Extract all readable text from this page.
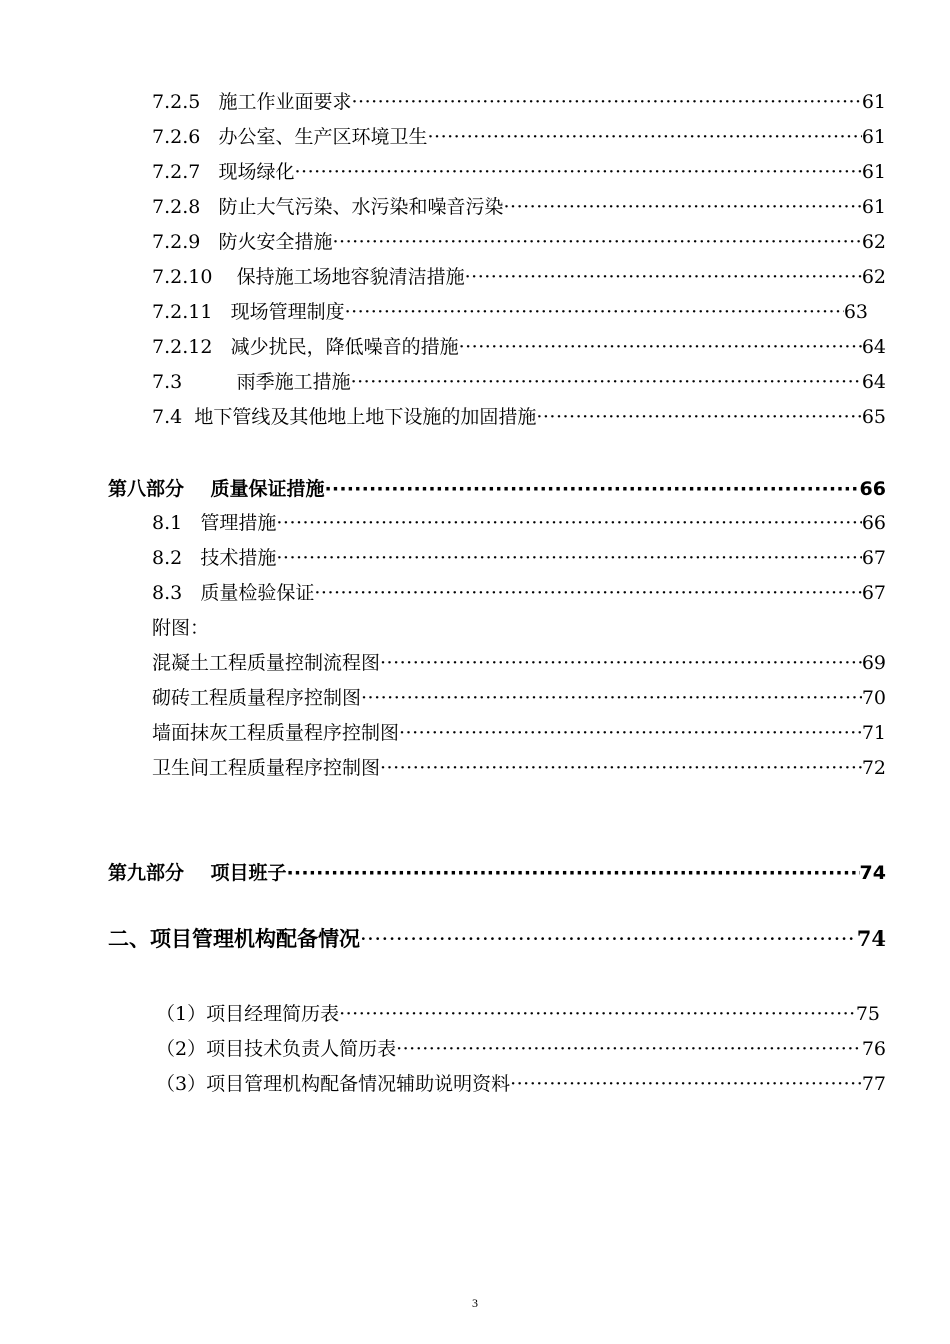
7.2.5 施工作业面要求 ·····	61
7.2.6 办公室、生产区环境卫生 ·····	61
7.2.7 现场绿化 ·····	61
7.2.8 防止大气污染、水污染和噪音污染 ·····	61
7.2.9 防火安全措施 ·····	62
7.2.10 保持施工场地容貌清洁措施 ·····	62
7.2.11 现场管理制度 ·····	63
7.2.12 减少扰民，降低噪音的措施 ·····	64
7.3	雨季施工措施 ·····	64
7.4 地下管线及其他地上地下设施的加固措施 ·····	65
第八部分 质量保证措施 ·····	66
8.1 管理措施 ·····	66
8.2 技术措施 ·····	67
8.3 质量检验保证 ·····	67
附图：
混凝土工程质量控制流程图 ·····	69
砌砖工程质量程序控制图 ·····	70
墙面抹灰工程质量程序控制图 ·····	71
卫生间工程质量程序控制图 ·····	72
第九部分 项目班子 ·····	74
二、项目管理机构配备情况 ·····	74
（1）项目经理简历表 ·····	75
（2）项目技术负责人简历表 ·····	76
（3）项目管理机构配备情况辅助说明资料 ·····	77
3
